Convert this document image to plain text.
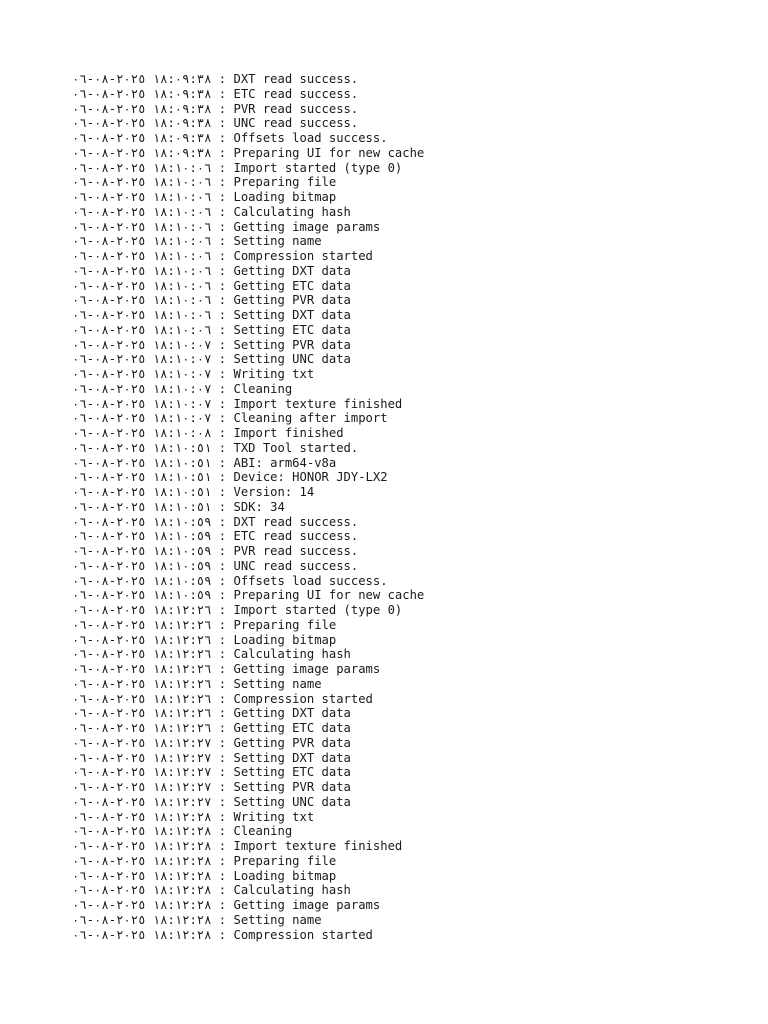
١٨:٠٩:٣٨ ٢٠٢٥-٠٨-٠٦	: DXT read success.
١٨:٠٩:٣٨ ٢٠٢٥-٠٨-٠٦	: ETC read success.
١٨:٠٩:٣٨ ٢٠٢٥-٠٨-٠٦	: PVR read success.
١٨:٠٩:٣٨ ٢٠٢٥-٠٨-٠٦	: UNC read success.
١٨:٠٩:٣٨ ٢٠٢٥-٠٨-٠٦	: Offsets load success.
١٨:٠٩:٣٨ ٢٠٢٥-٠٨-٠٦	: Preparing UI for new cache
١٨:١٠:٠٦ ٢٠٢٥-٠٨-٠٦	: Import started (type 0)
١٨:١٠:٠٦ ٢٠٢٥-٠٨-٠٦	: Preparing file
١٨:١٠:٠٦ ٢٠٢٥-٠٨-٠٦	: Loading bitmap
١٨:١٠:٠٦ ٢٠٢٥-٠٨-٠٦	: Calculating hash
١٨:١٠:٠٦ ٢٠٢٥-٠٨-٠٦	: Getting image params
١٨:١٠:٠٦ ٢٠٢٥-٠٨-٠٦	: Setting name
١٨:١٠:٠٦ ٢٠٢٥-٠٨-٠٦	: Compression started
١٨:١٠:٠٦ ٢٠٢٥-٠٨-٠٦	: Getting DXT data
١٨:١٠:٠٦ ٢٠٢٥-٠٨-٠٦	: Getting ETC data
١٨:١٠:٠٦ ٢٠٢٥-٠٨-٠٦	: Getting PVR data
١٨:١٠:٠٦ ٢٠٢٥-٠٨-٠٦	: Setting DXT data
١٨:١٠:٠٦ ٢٠٢٥-٠٨-٠٦	: Setting ETC data
١٨:١٠:٠٧ ٢٠٢٥-٠٨-٠٦	: Setting PVR data
١٨:١٠:٠٧ ٢٠٢٥-٠٨-٠٦	: Setting UNC data
١٨:١٠:٠٧ ٢٠٢٥-٠٨-٠٦	: Writing txt
١٨:١٠:٠٧ ٢٠٢٥-٠٨-٠٦	: Cleaning
١٨:١٠:٠٧ ٢٠٢٥-٠٨-٠٦	: Import texture finished
١٨:١٠:٠٧ ٢٠٢٥-٠٨-٠٦	: Cleaning after import
١٨:١٠:٠٨ ٢٠٢٥-٠٨-٠٦	: Import finished
١٨:١٠:٥١ ٢٠٢٥-٠٨-٠٦	: TXD Tool started.
١٨:١٠:٥١ ٢٠٢٥-٠٨-٠٦	: ABI: arm64-v8a
١٨:١٠:٥١ ٢٠٢٥-٠٨-٠٦	: Device: HONOR JDY-LX2
١٨:١٠:٥١ ٢٠٢٥-٠٨-٠٦	: Version: 14
١٨:١٠:٥١ ٢٠٢٥-٠٨-٠٦	: SDK: 34
١٨:١٠:٥٩ ٢٠٢٥-٠٨-٠٦	: DXT read success.
١٨:١٠:٥٩ ٢٠٢٥-٠٨-٠٦	: ETC read success.
١٨:١٠:٥٩ ٢٠٢٥-٠٨-٠٦	: PVR read success.
١٨:١٠:٥٩ ٢٠٢٥-٠٨-٠٦	: UNC read success.
١٨:١٠:٥٩ ٢٠٢٥-٠٨-٠٦	: Offsets load success.
١٨:١٠:٥٩ ٢٠٢٥-٠٨-٠٦	: Preparing UI for new cache
١٨:١٢:٢٦ ٢٠٢٥-٠٨-٠٦	: Import started (type 0)
١٨:١٢:٢٦ ٢٠٢٥-٠٨-٠٦	: Preparing file
١٨:١٢:٢٦ ٢٠٢٥-٠٨-٠٦	: Loading bitmap
١٨:١٢:٢٦ ٢٠٢٥-٠٨-٠٦	: Calculating hash
١٨:١٢:٢٦ ٢٠٢٥-٠٨-٠٦	: Getting image params
١٨:١٢:٢٦ ٢٠٢٥-٠٨-٠٦	: Setting name
١٨:١٢:٢٦ ٢٠٢٥-٠٨-٠٦	: Compression started
١٨:١٢:٢٦ ٢٠٢٥-٠٨-٠٦	: Getting DXT data
١٨:١٢:٢٦ ٢٠٢٥-٠٨-٠٦	: Getting ETC data
١٨:١٢:٢٧ ٢٠٢٥-٠٨-٠٦	: Getting PVR data
١٨:١٢:٢٧ ٢٠٢٥-٠٨-٠٦	: Setting DXT data
١٨:١٢:٢٧ ٢٠٢٥-٠٨-٠٦	: Setting ETC data
١٨:١٢:٢٧ ٢٠٢٥-٠٨-٠٦	: Setting PVR data
١٨:١٢:٢٧ ٢٠٢٥-٠٨-٠٦	: Setting UNC data
١٨:١٢:٢٨ ٢٠٢٥-٠٨-٠٦	: Writing txt
١٨:١٢:٢٨ ٢٠٢٥-٠٨-٠٦	: Cleaning
١٨:١٢:٢٨ ٢٠٢٥-٠٨-٠٦	: Import texture finished
١٨:١٢:٢٨ ٢٠٢٥-٠٨-٠٦	: Preparing file
١٨:١٢:٢٨ ٢٠٢٥-٠٨-٠٦	: Loading bitmap
١٨:١٢:٢٨ ٢٠٢٥-٠٨-٠٦	: Calculating hash
١٨:١٢:٢٨ ٢٠٢٥-٠٨-٠٦	: Getting image params
١٨:١٢:٢٨ ٢٠٢٥-٠٨-٠٦	: Setting name
١٨:١٢:٢٨ ٢٠٢٥-٠٨-٠٦	: Compression started
